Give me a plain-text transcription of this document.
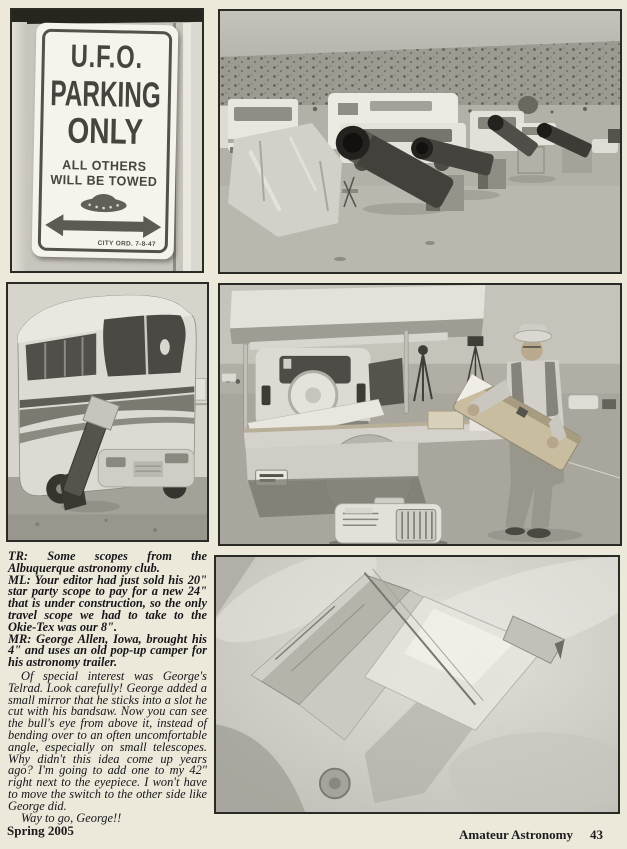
U.F.O.
PARKING
ONLY
ALL OTHERS
WILL BE TOWED
CITY ORD. 7-8-47

TR: Some scopes from the Albuquerque astronomy club.

ML: Your editor had just sold his 20" star party scope to pay for a new 24" that is under construction, so the only travel scope we had to take to the Okie-Tex was our 8".

MR: George Allen, Iowa, brought his 4" and uses an old pop-up camper for his astronomy trailer.

Of special interest was George's Telrad. Look carefully! George added a small mirror that he sticks into a slot he cut with his bandsaw. Now you can see the bull's eye from above it, instead of bending over to an often uncomfortable angle, especially on small telescopes. Why didn't this idea come up years ago? I'm going to add one to my 42" right next to the eyepiece. I won't have to move the switch to the other side like George did.

Way to go, George!!

Spring 2005	Amateur Astronomy 43
